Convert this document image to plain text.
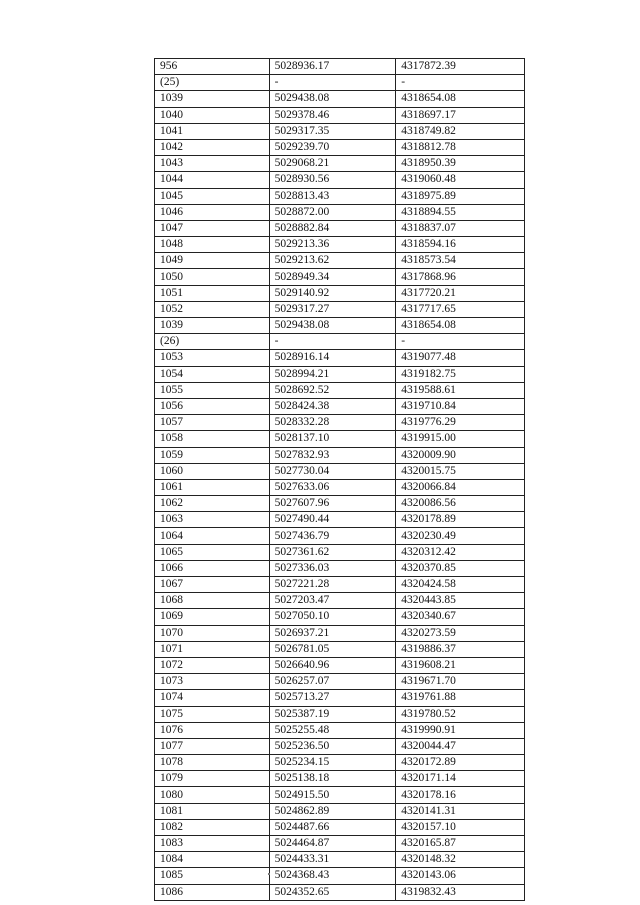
956	5028936.17	4317872.39
(25)	-	-
1039	5029438.08	4318654.08
1040	5029378.46	4318697.17
1041	5029317.35	4318749.82
1042	5029239.70	4318812.78
1043	5029068.21	4318950.39
1044	5028930.56	4319060.48
1045	5028813.43	4318975.89
1046	5028872.00	4318894.55
1047	5028882.84	4318837.07
1048	5029213.36	4318594.16
1049	5029213.62	4318573.54
1050	5028949.34	4317868.96
1051	5029140.92	4317720.21
1052	5029317.27	4317717.65
1039	5029438.08	4318654.08
(26)	-	-
1053	5028916.14	4319077.48
1054	5028994.21	4319182.75
1055	5028692.52	4319588.61
1056	5028424.38	4319710.84
1057	5028332.28	4319776.29
1058	5028137.10	4319915.00
1059	5027832.93	4320009.90
1060	5027730.04	4320015.75
1061	5027633.06	4320066.84
1062	5027607.96	4320086.56
1063	5027490.44	4320178.89
1064	5027436.79	4320230.49
1065	5027361.62	4320312.42
1066	5027336.03	4320370.85
1067	5027221.28	4320424.58
1068	5027203.47	4320443.85
1069	5027050.10	4320340.67
1070	5026937.21	4320273.59
1071	5026781.05	4319886.37
1072	5026640.96	4319608.21
1073	5026257.07	4319671.70
1074	5025713.27	4319761.88
1075	5025387.19	4319780.52
1076	5025255.48	4319990.91
1077	5025236.50	4320044.47
1078	5025234.15	4320172.89
1079	5025138.18	4320171.14
1080	5024915.50	4320178.16
1081	5024862.89	4320141.31
1082	5024487.66	4320157.10
1083	5024464.87	4320165.87
1084	5024433.31	4320148.32
1085	5024368.43	4320143.06
1086	5024352.65	4319832.43
